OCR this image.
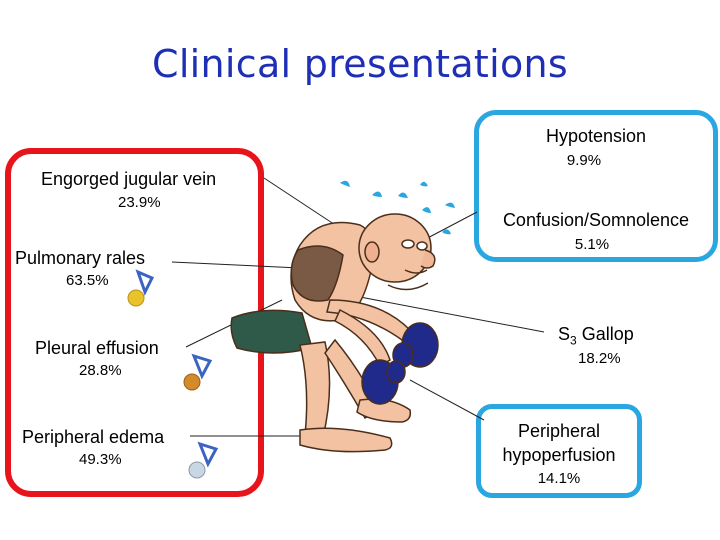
Clinical presentations
Engorged jugular vein
23.9%
Pulmonary rales
63.5%
Pleural effusion
28.8%
Peripheral edema
49.3%
Hypotension
9.9%
Confusion/Somnolence
5.1%
$S_3$ Gallop
18.2%
Peripheral
hypoperfusion
14.1%
